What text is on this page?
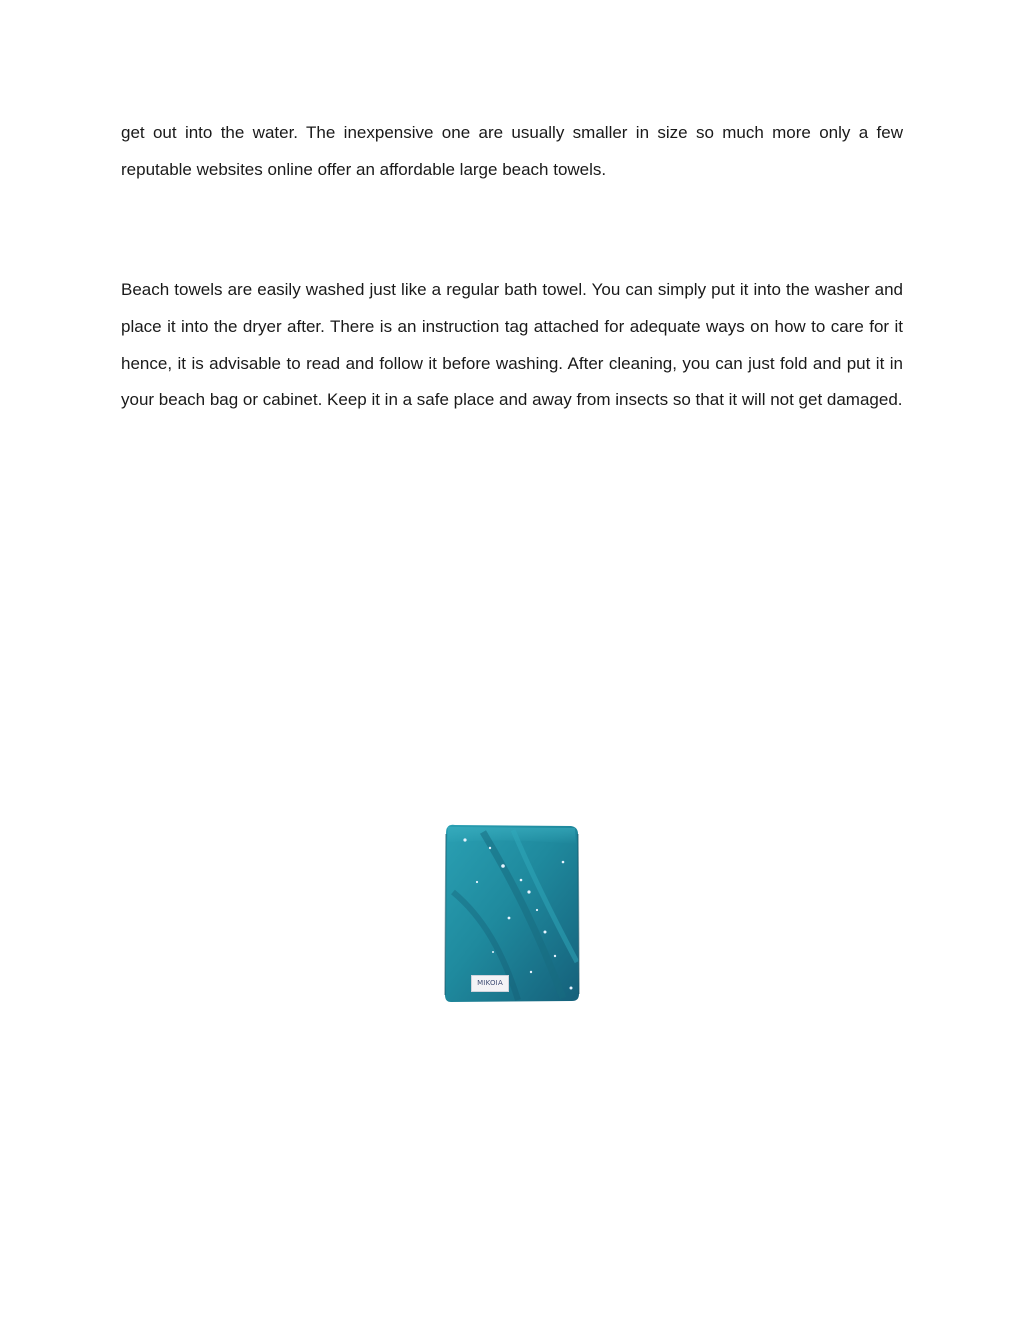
get out into the water. The inexpensive one are usually smaller in size so much more only a few reputable websites online offer an affordable large beach towels.

Beach towels are easily washed just like a regular bath towel. You can simply put it into the washer and place it into the dryer after. There is an instruction tag attached for adequate ways on how to care for it hence, it is advisable to read and follow it before washing. After cleaning, you can just fold and put it in your beach bag or cabinet. Keep it in a safe place and away from insects so that it will not get damaged.

MIKOIA
